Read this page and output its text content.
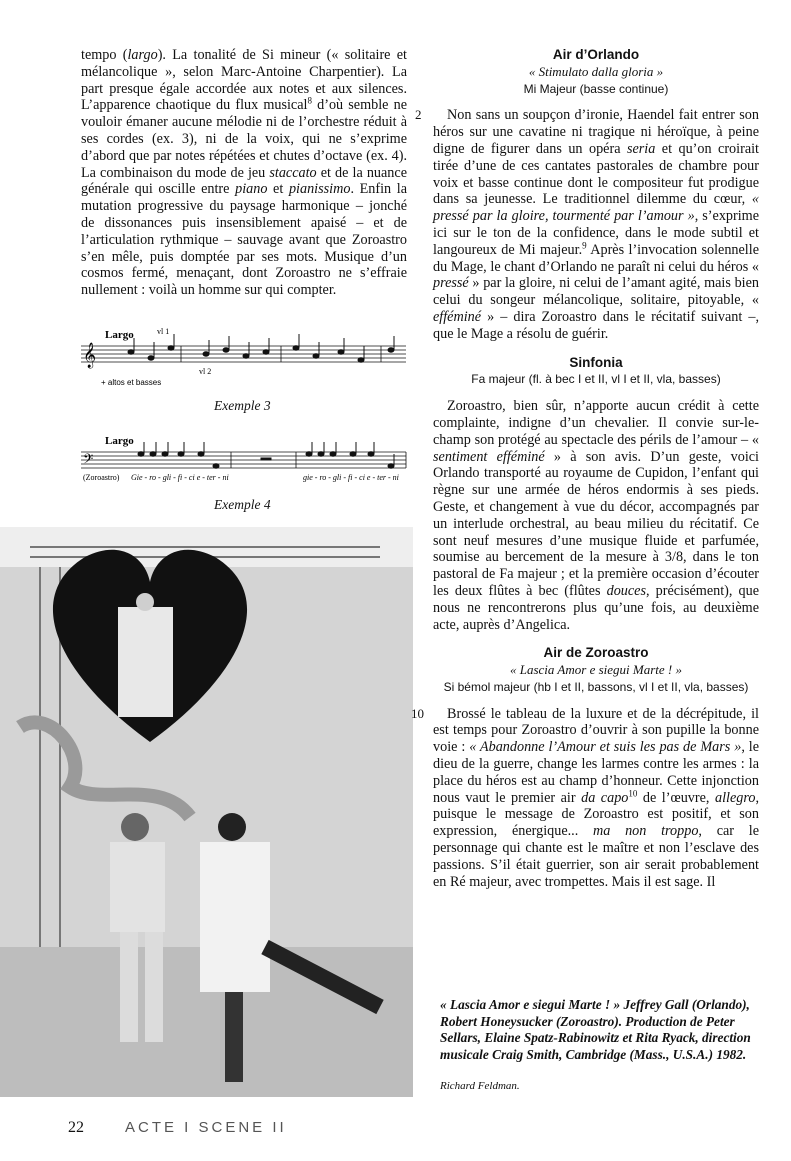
tempo (largo). La tonalité de Si mineur (« solitaire et mélancolique », selon Marc-Antoine Charpentier). La part presque égale accordée aux notes et aux silences. L’apparence chaotique du flux musical$^8$ d’où semble ne vouloir émaner aucune mélodie ni de l’orchestre réduit à ses cordes (ex. 3), ni de la voix, qui ne s’exprime d’abord que par notes répétées et chutes d’octave (ex. 4). La combinaison du mode de jeu staccato et de la nuance générale qui oscille entre piano et pianissimo. Enfin la mutation progressive du paysage harmonique – jonché de dissonances puis insensiblement apaisé – et de l’articulation rythmique – sauvage avant que Zoroastro s’en mêle, puis domptée par ses mots. Musique d’un cosmos fermé, menaçant, dont Zoroastro ne s’effraie nullement : voilà un homme sur qui compter.

Largo	vl 1
vl 2
𝄞
+ altos et basses
Exemple 3
Largo
𝄢
(Zoroastro) Gie - ro - gli - fi - ci e - ter - ni	gie - ro - gli - fi - ci e - ter - ni
Exemple 4
Air d’Orlando
« Stimulato dalla gloria »
Mi Majeur (basse continue)

2 Non sans un soupçon d’ironie, Haendel fait entrer son héros sur une cavatine ni tragique ni héroïque, à peine digne de figurer dans un opéra seria et qu’on croirait tirée d’une de ces cantates pastorales de chambre pour voix et basse continue dont le compositeur fut prodigue dans sa jeunesse. Le traditionnel dilemme du cœur, « pressé par la gloire, tourmenté par l’amour », s’exprime ici sur le ton de la confidence, dans le mode subtil et langoureux de Mi majeur.$^9$ Après l’invocation solennelle du Mage, le chant d’Orlando ne paraît ni celui du héros « pressé » par la gloire, ni celui de l’amant agité, mais bien celui du songeur mélancolique, solitaire, pitoyable, « efféminé » – dira Zoroastro dans le récitatif suivant –, que le Mage a résolu de guérir.

Sinfonia
Fa majeur (fl. à bec I et II, vl I et II, vla, basses)

Zoroastro, bien sûr, n’apporte aucun crédit à cette complainte, indigne d’un chevalier. Il convie sur-le-champ son protégé au spectacle des périls de l’amour – « sentiment efféminé » à son avis. D’un geste, voici Orlando transporté au royaume de Cupidon, l’enfant qui règne sur une armée de héros endormis à ses pieds. Geste, et changement à vue du décor, accompagnés par un interlude orchestral, au beau milieu du récitatif. Ce sont neuf mesures d’une musique fluide et parfumée, soumise au bercement de la mesure à 3/8, dans le ton pastoral de Fa majeur ; et la première occasion d’écouter les deux flûtes à bec (flûtes douces, précisément), que nous ne rencontrerons plus qu’une fois, au deuxième acte, auprès d’Angelica.

Air de Zoroastro
« Lascia Amor e siegui Marte ! »
Si bémol majeur (hb I et II, bassons, vl I et II, vla, basses)

10 Brossé le tableau de la luxure et de la décrépitude, il est temps pour Zoroastro d’ouvrir à son pupille la bonne voie : « Abandonne l’Amour et suis les pas de Mars », le dieu de la guerre, change les larmes contre les armes : la place du héros est au champ d’honneur. Cette injonction nous vaut le premier air da capo$^{10}$ de l’œuvre, allegro, puisque le message de Zoroastro est positif, et son expression, énergique... ma non troppo, car le personnage qui chante est le maître et non l’esclave des passions. S’il était guerrier, son air serait probablement en Ré majeur, avec trompettes. Mais il est sage. Il

« Lascia Amor e siegui Marte ! » Jeffrey Gall (Orlando), Robert Honeysucker (Zoroastro). Production de Peter Sellars, Elaine Spatz-Rabinowitz et Rita Ryack, direction musicale Craig Smith, Cambridge (Mass., U.S.A.) 1982.
Richard Feldman.
22	ACTE I SCENE II
